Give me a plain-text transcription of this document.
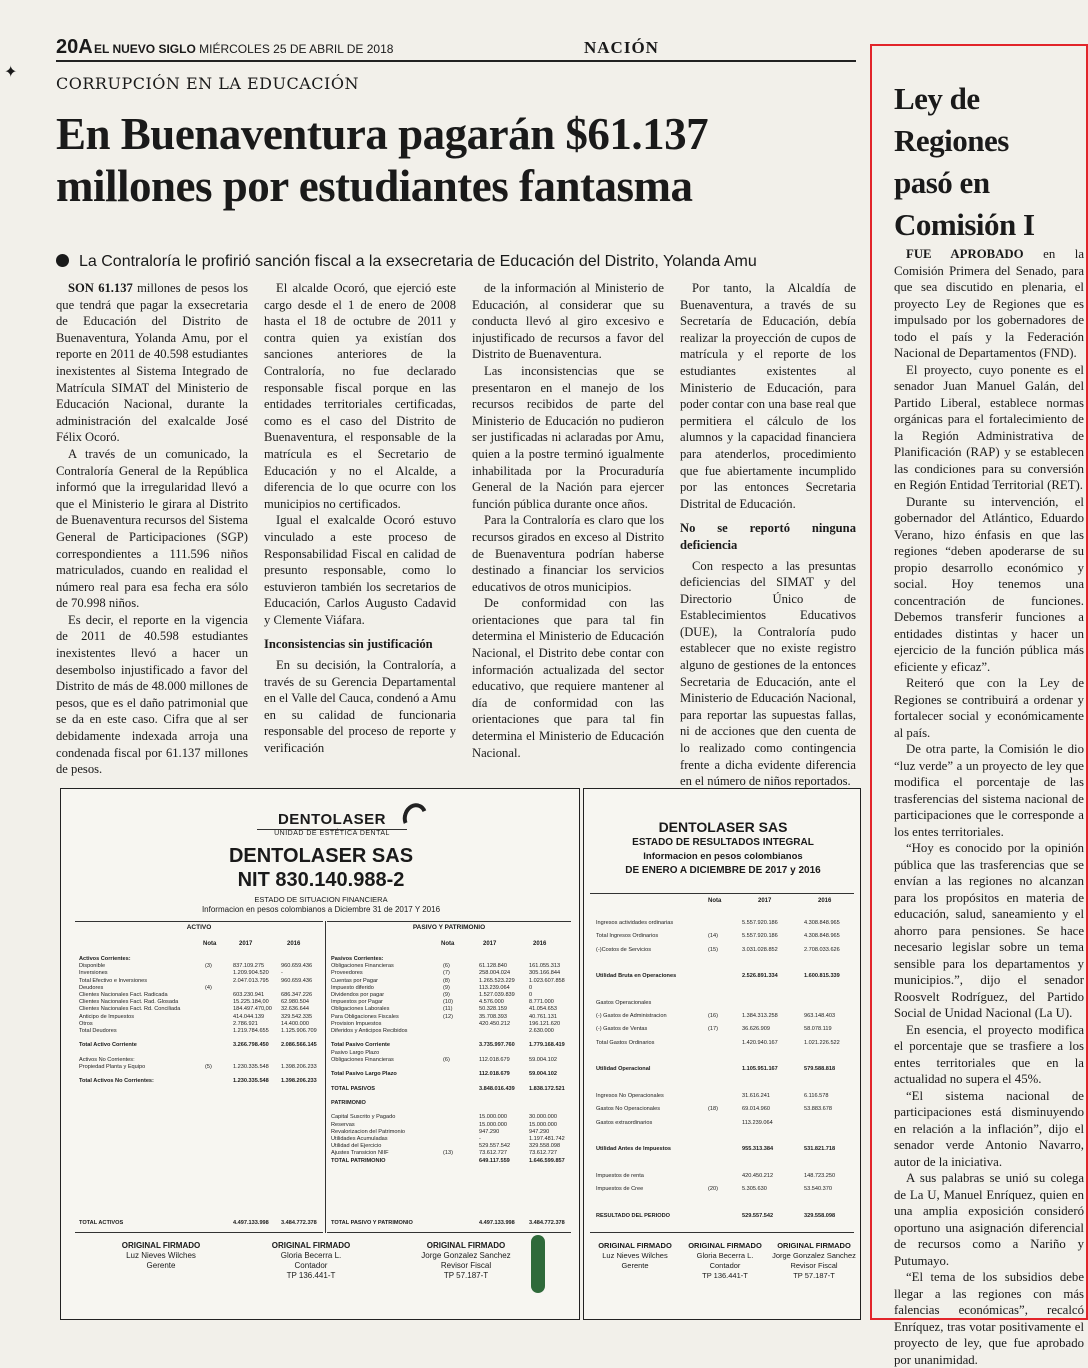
✦
20A EL NUEVO SIGLO MIÉRCOLES 25 DE ABRIL DE 2018	NACIÓN
CORRUPCIÓN EN LA EDUCACIÓN
En Buenaventura pagarán $61.137 millones por estudiantes fantasma
La Contraloría le profirió sanción fiscal a la exsecretaria de Educación del Distrito, Yolanda Amu

SON 61.137 millones de pesos los que tendrá que pagar la exsecretaria de Educación del Distrito de Buenaventura, Yolanda Amu, por el reporte en 2011 de 40.598 estudiantes inexistentes al Sistema Integrado de Matrícula SIMAT del Ministerio de Educación Nacional, durante la administración del exalcalde José Félix Ocoró.

A través de un comunicado, la Contraloría General de la República informó que la irregularidad llevó a que el Ministerio le girara al Distrito de Buenaventura recursos del Sistema General de Participaciones (SGP) correspondientes a 111.596 niños matriculados, cuando en realidad el número real para esa fecha era sólo de 70.998 niños.

Es decir, el reporte en la vigencia de 2011 de 40.598 estudiantes inexistentes llevó a hacer un desembolso injustificado a favor del Distrito de más de 48.000 millones de pesos, que es el daño patrimonial que se da en este caso. Cifra que al ser debidamente indexada arroja una condenada fiscal por 61.137 millones de pesos.

El alcalde Ocoró, que ejerció este cargo desde el 1 de enero de 2008 hasta el 18 de octubre de 2011 y contra quien ya existían dos sanciones anteriores de la Contraloría, no fue declarado responsable fiscal porque en las entidades territoriales certificadas, como es el caso del Distrito de Buenaventura, el responsable de la matrícula es el Secretario de Educación y no el Alcalde, a diferencia de lo que ocurre con los municipios no certificados.

Igual el exalcalde Ocoró estuvo vinculado a este proceso de Responsabilidad Fiscal en calidad de presunto responsable, como lo estuvieron también los secretarios de Educación, Carlos Augusto Cadavid y Clemente Viáfara.

Inconsistencias sin justificación

En su decisión, la Contraloría, a través de su Gerencia Departamental en el Valle del Cauca, condenó a Amu en su calidad de funcionaria responsable del proceso de reporte y verificación

de la información al Ministerio de Educación, al considerar que su conducta llevó al giro excesivo e injustificado de recursos a favor del Distrito de Buenaventura.

Las inconsistencias que se presentaron en el manejo de los recursos recibidos de parte del Ministerio de Educación no pudieron ser justificadas ni aclaradas por Amu, quien a la postre terminó igualmente inhabilitada por la Procuraduría General de la Nación para ejercer función pública durante once años.

Para la Contraloría es claro que los recursos girados en exceso al Distrito de Buenaventura podrían haberse destinado a financiar los servicios educativos de otros municipios.

De conformidad con las orientaciones que para tal fin determina el Ministerio de Educación Nacional, el Distrito debe contar con información actualizada del sector educativo, que requiere mantener al día de conformidad con las orientaciones que para tal fin determina el Ministerio de Educación Nacional.

Por tanto, la Alcaldía de Buenaventura, a través de su Secretaría de Educación, debía realizar la proyección de cupos de matrícula y el reporte de los estudiantes existentes al Ministerio de Educación, para poder contar con una base real que permitiera el cálculo de los alumnos y la capacidad financiera para atenderlos, procedimiento que fue abiertamente incumplido por las entonces Secretaria Distrital de Educación.

No se reportó ninguna deficiencia

Con respecto a las presuntas deficiencias del SIMAT y del Directorio Único de Establecimientos Educativos (DUE), la Contraloría pudo establecer que no existe registro alguno de gestiones de la entonces Secretaria de Educación, ante el Ministerio de Educación Nacional, para reportar las supuestas fallas, ni de acciones que den cuenta de lo realizado como contingencia frente a dicha evidente diferencia en el número de niños reportados.

DENTOLASER
UNIDAD DE ESTÉTICA DENTAL
DENTOLASER SAS
NIT 830.140.988-2
ESTADO DE SITUACION FINANCIERA
Informacion en pesos colombianos a Diciembre 31 de 2017 Y 2016
ACTIVO
Nota	2017	2016
Activos Corrientes:
Disponible	(3)	837.109.275	960.659.436
Inversiones	1.209.904.520 -
Total Efectivo e Inversiones	2.047.013.795 960.659.436
Deudores	(4)
Clientes Nacionales Fact. Radicada	603.230.941	686.347.226
Clientes Nacionales Fact. Rad. Glosada	15.225.184,00 62.980.504
Clientes Nacionales Fact. Rd. Conciliada	184.497.470,00 32.636.644
Anticipo de Impuestos	414.044.139	329.542.335
Otros	2.786.921	14.400.000
Total Deudores	1.219.784.655 1.125.906.709
Total Activo Corriente	3.266.798.450 2.086.566.145
Activos No Corrientes:
Propiedad Planta y Equipo	(5)	1.230.335.548 1.398.206.233
Total Activos No Corrientes:	1.230.335.548 1.398.206.233
TOTAL ACTIVOS	4.497.133.998 3.484.772.378
PASIVO Y PATRIMONIO
Nota	2017	2016
Pasivos Corrientes:
Obligaciones Financieras	(6)	61.128.840	161.055.313
Proveedores	(7)	258.004.024	305.166.844
Cuentas por Pagar	(8)	1.265.523.229	1.023.607.858
Impuesto diferido	(9)	113.239.064	0
Dividendos por pagar	(9)	1.527.039.839	0
Impuestos por Pagar	(10)	4.576.000	8.771.000
Obligaciones Laborales	(11)	50.328.159	41.054.653
Para Obligaciones Fiscales	(12)	35.708.393	40.761.131
Provision Impuestos	420.450.212	196.121.620
Diferidos y Anticipos Recibidos	2.630.000
Total Pasivo Corriente	3.735.997.760	1.779.168.419
Pasivo Largo Plazo
Obligaciones Financieras	(6)	112.018.679	59.004.102
Total Pasivo Largo Plazo	112.018.679	59.004.102
TOTAL PASIVOS	3.848.016.439	1.838.172.521
PATRIMONIO
Capital Suscrito y Pagado	15.000.000	30.000.000
Reservas	15.000.000	15.000.000
Revalorizacion del Patrimonio	947.290	947.290
Utilidades Acumuladas	-	1.197.481.742
Utilidad del Ejercicio	529.557.542	329.558.098
Ajustes Transicion NIIF	(13)	73.612.727	73.612.727
TOTAL PATRIMONIO	649.117.559	1.646.599.857
TOTAL PASIVO Y PATRIMONIO	4.497.133.998	3.484.772.378
ORIGINAL FIRMADO
Luz Nieves Wilches
Gerente
ORIGINAL FIRMADO
Gloria Becerra L.
Contador
TP 136.441-T
ORIGINAL FIRMADO
Jorge Gonzalez Sanchez
Revisor Fiscal
TP 57.187-T
DENTOLASER SAS
ESTADO DE RESULTADOS INTEGRAL
Informacion en pesos colombianos
DE ENERO A DICIEMBRE DE 2017 y 2016
Nota	2017	2016
Ingresos actividades ordinarias	5.557.920.186	4.308.848.965
Total Ingresos Ordinarios	(14)	5.557.920.186	4.308.848.965
(-)Costos de Servicios	(15)	3.031.028.852	2.708.033.626
Utilidad Bruta en Operaciones	2.526.891.334	1.600.815.339
Gastos Operacionales
(-) Gastos de Administracion	(16)	1.384.313.258	963.148.403
(-) Gastos de Ventas	(17)	36.626.909	58.078.119
Total Gastos Ordinarios	1.420.940.167	1.021.226.522
Utilidad Operacional	1.105.951.167	579.588.818
Ingresos No Operacionales	31.616.241	6.116.578
Gastos No Operacionales	(18)	69.014.960	53.883.678
Gastos extraordinarios	113.239.064
Utilidad Antes de Impuestos	955.313.384	531.821.718
Impuestos de renta	420.450.212	148.723.250
Impuestos de Cree	(20)	5.305.630	53.540.370
RESULTADO DEL PERIODO	529.557.542	329.558.098
ORIGINAL FIRMADO
Luz Nieves Wilches
Gerente
ORIGINAL FIRMADO
Gloria Becerra L.
Contador
TP 136.441-T
ORIGINAL FIRMADO
Jorge Gonzalez Sanchez
Revisor Fiscal
TP 57.187-T
Ley de Regiones pasó en Comisión I

FUE APROBADO en la Comisión Primera del Senado, para que sea discutido en plenaria, el proyecto Ley de Regiones que es impulsado por los gobernadores de todo el país y la Federación Nacional de Departamentos (FND).

El proyecto, cuyo ponente es el senador Juan Manuel Galán, del Partido Liberal, establece normas orgánicas para el fortalecimiento de la Región Administrativa de Planificación (RAP) y se establecen las condiciones para su conversión en Región Entidad Territorial (RET).

Durante su intervención, el gobernador del Atlántico, Eduardo Verano, hizo énfasis en que las regiones “deben apoderarse de su propio desarrollo económico y social. Hoy tenemos una concentración de funciones. Debemos transferir funciones a entidades distintas y hacer un ejercicio de la función pública más eficiente y eficaz”.

Reiteró que con la Ley de Regiones se contribuirá a ordenar y fortalecer social y económicamente al país.

De otra parte, la Comisión le dio “luz verde” a un proyecto de ley que modifica el porcentaje de las trasferencias del sistema nacional de participaciones que le corresponde a los entes territoriales.

“Hoy es conocido por la opinión pública que las trasferencias que se envían a las regiones no alcanzan para los propósitos en materia de educación, salud, saneamiento y el ahorro para pensiones. Se hace necesario legislar sobre un tema sensible para los departamentos y municipios.”, dijo el senador Roosvelt Rodríguez, del Partido Social de Unidad Nacional (La U).

En esencia, el proyecto modifica el porcentaje que se trasfiere a los entes territoriales que en la actualidad no supera el 45%.

“El sistema nacional de participaciones está disminuyendo en relación a la inflación”, dijo el senador verde Antonio Navarro, autor de la iniciativa.

A sus palabras se unió su colega de La U, Manuel Enríquez, quien en una amplia exposición consideró oportuno una asignación diferencial de recursos como a Nariño y Putumayo.

“El tema de los subsidios debe llegar a las regiones con más falencias económicas”, recalcó Enríquez, tras votar positivamente el proyecto de ley, que fue aprobado por unanimidad.
